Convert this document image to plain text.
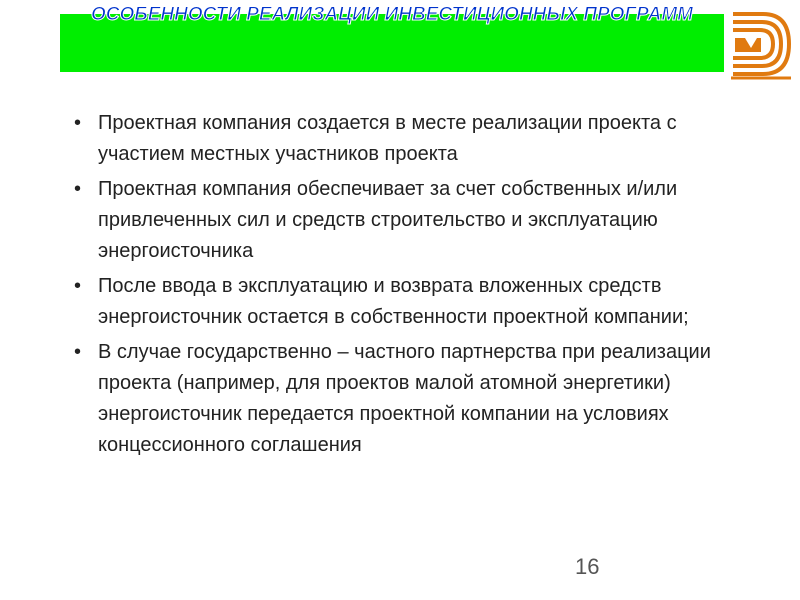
ОСОБЕННОСТИ РЕАЛИЗАЦИИ ИНВЕСТИЦИОННЫХ ПРОГРАММ
• Проектная компания создается в месте реализации проекта с участием местных участников проекта
• Проектная компания обеспечивает за счет собственных и/или привлеченных сил и средств строительство и эксплуатацию энергоисточника
• После ввода в эксплуатацию и возврата вложенных средств энергоисточник остается в собственности проектной компании;
• В случае государственно – частного партнерства при реализации проекта (например, для проектов малой атомной энергетики) энергоисточник передается проектной компании на условиях концессионного соглашения
16
